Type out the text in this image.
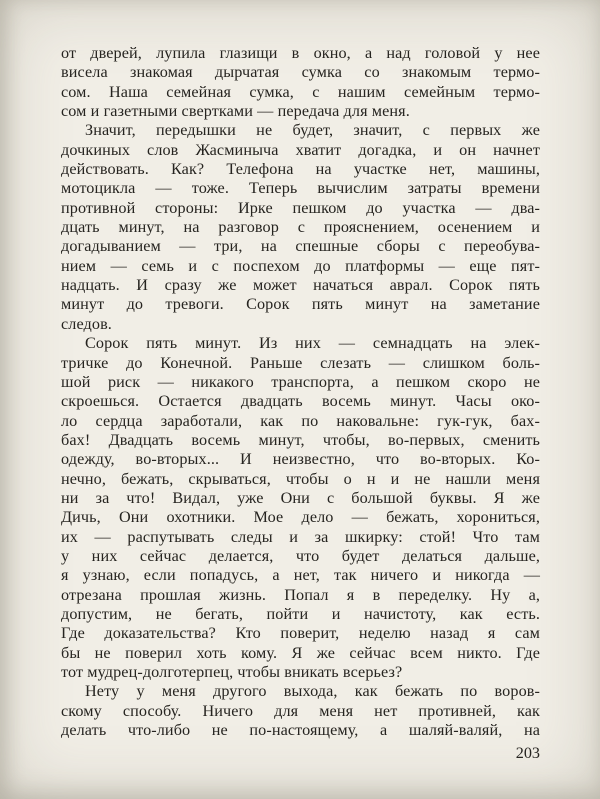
от дверей, лупила глазищи в окно, а над головой у нее
висела знакомая дырчатая сумка со знакомым термо-
сом. Наша семейная сумка, с нашим семейным термо-
сом и газетными свертками — передача для меня.
Значит, передышки не будет, значит, с первых же
дочкиных слов Жасминыча хватит догадка, и он начнет
действовать. Как? Телефона на участке нет, машины,
мотоцикла — тоже. Теперь вычислим затраты времени
противной стороны: Ирке пешком до участка — два-
дцать минут, на разговор с прояснением, осенением и
догадыванием — три, на спешные сборы с переобува-
нием — семь и с поспехом до платформы — еще пят-
надцать. И сразу же может начаться аврал. Сорок пять
минут до тревоги. Сорок пять минут на заметание
следов.
Сорок пять минут. Из них — семнадцать на элек-
тричке до Конечной. Раньше слезать — слишком боль-
шой риск — никакого транспорта, а пешком скоро не
скроешься. Остается двадцать восемь минут. Часы око-
ло сердца заработали, как по наковальне: гук-гук, бах-
бах! Двадцать восемь минут, чтобы, во-первых, сменить
одежду, во-вторых... И неизвестно, что во-вторых. Ко-
нечно, бежать, скрываться, чтобы о н и не нашли меня
ни за что! Видал, уже Они с большой буквы. Я же
Дичь, Они охотники. Мое дело — бежать, хорониться,
их — распутывать следы и за шкирку: стой! Что там
у них сейчас делается, что будет делаться дальше,
я узнаю, если попадусь, а нет, так ничего и никогда —
отрезана прошлая жизнь. Попал я в переделку. Ну а,
допустим, не бегать, пойти и начистоту, как есть.
Где доказательства? Кто поверит, неделю назад я сам
бы не поверил хоть кому. Я же сейчас всем никто. Где
тот мудрец-долготерпец, чтобы вникать всерьез?
Нету у меня другого выхода, как бежать по воров-
скому способу. Ничего для меня нет противней, как
делать что-либо не по-настоящему, а шаляй-валяй, на
203
